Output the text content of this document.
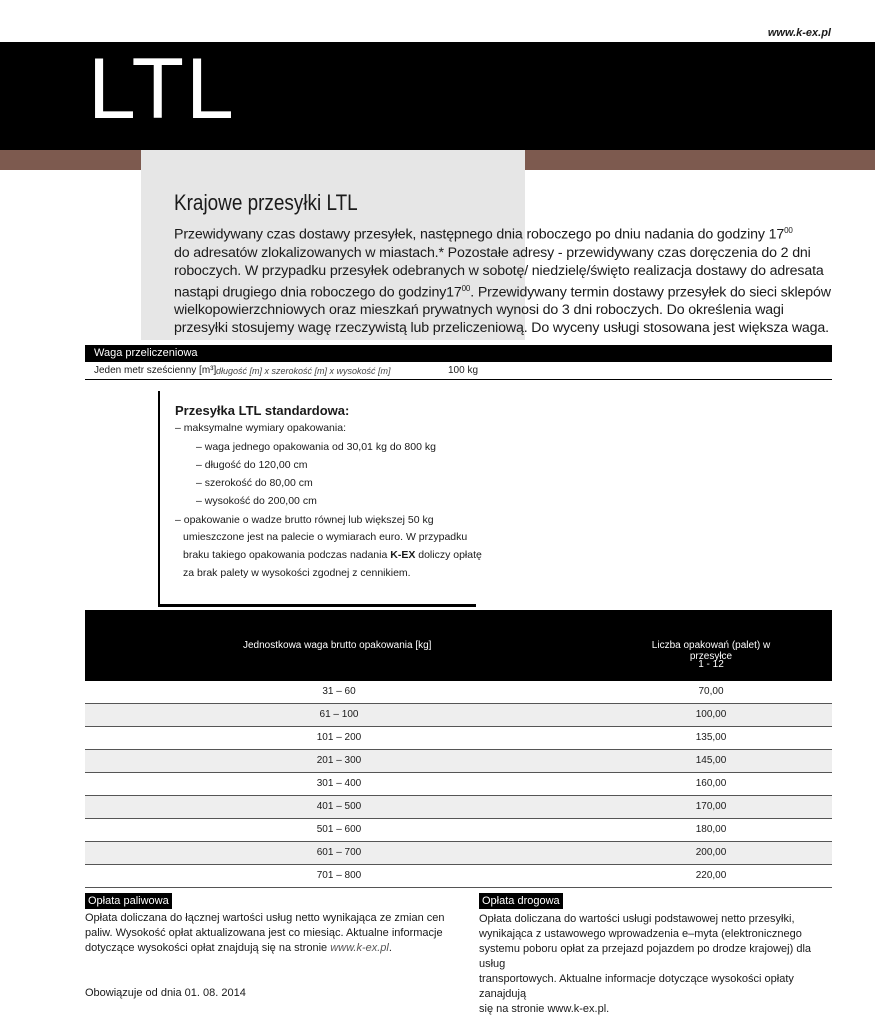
www.k-ex.pl
LTL
Krajowe przesyłki LTL
Przewidywany czas dostawy przesyłek, następnego dnia roboczego po dniu nadania do godziny $17^{00}$
do adresatów zlokalizowanych w miastach.* Pozostałe adresy - przewidywany czas doręczenia do 2 dni
roboczych. W przypadku przesyłek odebranych w sobotę/ niedzielę/święto realizacja dostawy do adresata
nastąpi drugiego dnia roboczego do $godziny17^{00}$. Przewidywany termin dostawy przesyłek do sieci sklepów
wielkopowierzchniowych oraz mieszkań prywatnych wynosi do 3 dni roboczych. Do określenia wagi
przesyłki stosujemy wagę rzeczywistą lub przeliczeniową. Do wyceny usługi stosowana jest większa waga.
Waga przeliczeniowa
Jeden metr sześcienny [m³] długość [m] x szerokość [m] x wysokość [m]	100 kg
Przesyłka LTL standardowa:
– maksymalne wymiary opakowania:
– waga jednego opakowania od 30,01 kg do 800 kg
– długość do 120,00 cm
– szerokość do 80,00 cm
– wysokość do 200,00 cm
– opakowanie o wadze brutto równej lub większej 50 kg
umieszczone jest na palecie o wymiarach euro. W przypadku
braku takiego opakowania podczas nadania K-EX doliczy opłatę
za brak palety w wysokości zgodnej z cennikiem.
Jednostkowa waga brutto opakowania [kg]	Liczba opakowań (palet) w przesyłce
1 - 12
31 – 60	70,00
61 – 100	100,00
101 – 200	135,00
201 – 300	145,00
301 – 400	160,00
401 – 500	170,00
501 – 600	180,00
601 – 700	200,00
701 – 800	220,00
Opłata paliwowa
Opłata doliczana do łącznej wartości usług netto wynikająca ze zmian cen
paliw. Wysokość opłat aktualizowana jest co miesiąc. Aktualne informacje
dotyczące wysokości opłat znajdują się na stronie www.k-ex.pl.
Opłata drogowa
Opłata doliczana do wartości usługi podstawowej netto przesyłki,
wynikająca z ustawowego wprowadzenia e–myta (elektronicznego
systemu poboru opłat za przejazd pojazdem po drodze krajowej) dla usług
transportowych. Aktualne informacje dotyczące wysokości opłaty zanajdują
się na stronie www.k-ex.pl.
Obowiązuje od dnia 01. 08. 2014
